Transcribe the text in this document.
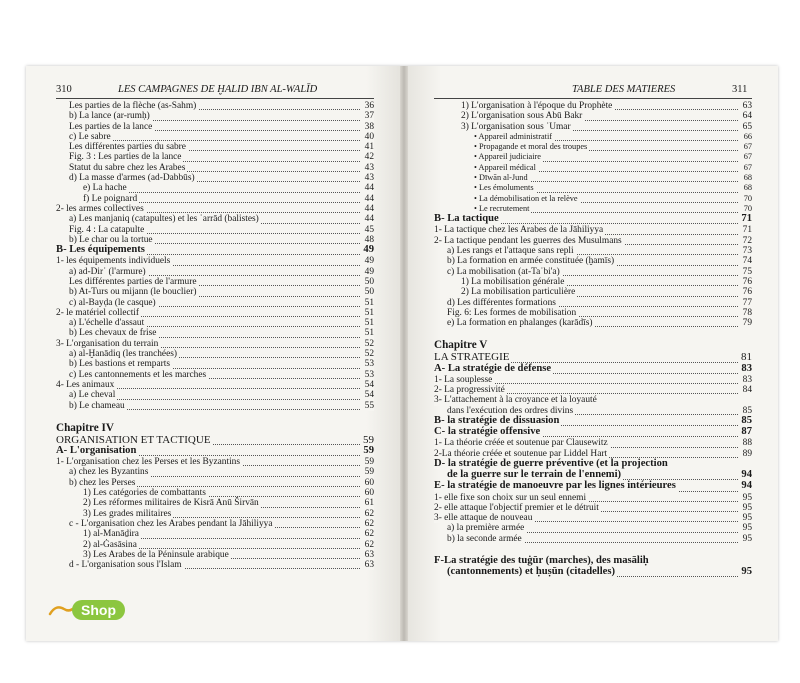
310	LES CAMPAGNES DE ḪALID IBN AL-WALĪD
Les parties de la flèche (as-Sahm)	36
b) La lance (ar-rumḥ)	37
Les parties de la lance	38
c) Le sabre	40
Les différentes parties du sabre	41
Fig. 3 : Les parties de la lance	42
Statut du sabre chez les Arabes	43
d) La masse d'armes (ad-Dabbūs)	43
e) La hache	44
f) Le poignard	44
2- les armes collectives	44
a) Les manjaniq (catapultes) et les ʿarrād (balistes)	44
Fig. 4 : La catapulte	45
b) Le char ou la tortue	48
B- Les équipements	49
1- les équipements individuels	49
a) ad-Dirʿ (l'armure)	49
Les différentes parties de l'armure	50
b) At-Turs ou mijann (le bouclier)	50
c) al-Bayḍa (le casque)	51
2- le matériel collectif	51
a) L'échelle d'assaut	51
b) Les chevaux de frise	51
3- L'organisation du terrain	52
a) al-Ḫanādiq (les tranchées)	52
b) Les bastions et remparts	53
c) Les cantonnements et les marches	53
4- Les animaux	54
a) Le cheval	54
b) Le chameau	55
Chapitre IV
ORGANISATION ET TACTIQUE	59
A- L'organisation	59
1- L'organisation chez les Perses et les Byzantins	59
a) chez les Byzantins	59
b) chez les Perses	60
1) Les catégories de combattants	60
2) Les réformes militaires de Kisrā Anū Širvān	61
3) Les grades militaires	62
c - L'organisation chez les Arabes pendant la Jāhiliyya	62
1) al-Manāḏira	62
2) al-Ġasāsina	62
3) Les Arabes de la Péninsule arabique	63
d - L'organisation sous l'Islam	63
TABLE DES MATIERES	311
1) L'organisation à l'époque du Prophète	63
2) L'organisation sous Abū Bakr	64
3) L'organisation sous ʿUmar	65
• Appareil administratif	66
• Propagande et moral des troupes	67
• Appareil judiciaire	67
• Appareil médical	67
• Dīwān al-Jund	68
• Les émoluments	68
• La démobilisation et la relève	70
• Le recrutement	70
B- La tactique	71
1- La tactique chez les Arabes de la Jāhiliyya	71
2- La tactique pendant les guerres des Musulmans	72
a) Les rangs et l'attaque sans repli	73
b) La formation en armée constituée (ḫamīs)	74
c) La mobilisation (at-Taʿbi'a)	75
1) La mobilisation générale	76
2) La mobilisation particulière	76
d) Les différentes formations	77
Fig. 6: Les formes de mobilisation	78
e) La formation en phalanges (karādīs)	79
Chapitre V
LA STRATEGIE	81
A- La stratégie de défense	83
1- La souplesse	83
2- La progressivité	84
3- L'attachement à la croyance et la loyauté
dans l'exécution des ordres divins	85
B- la stratégie de dissuasion	85
C- la stratégie offensive	87
1- La théorie créée et soutenue par Clausewitz	88
2-La théorie créée et soutenue par Liddel Hart	89
D- la stratégie de guerre préventive (et la projection
de la guerre sur le terrain de l'ennemi)	94
E- la stratégie de manoeuvre par les lignes intérieures	94
1- elle fixe son choix sur un seul ennemi	95
2- elle attaque l'objectif premier et le détruit	95
3- elle attaque de nouveau	95
a) la première armée	95
b) la seconde armée	95
F-La stratégie des tuġūr (marches), des masāliḥ
(cantonnements) et ḥuṣūn (citadelles)	95
Shop
